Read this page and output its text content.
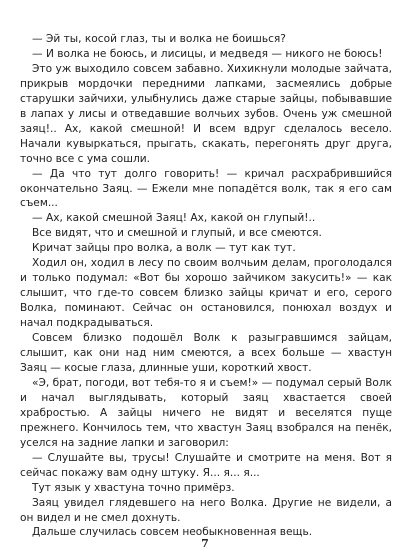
— Эй ты, косой глаз, ты и волка не боишься?

— И волка не боюсь, и лисицы, и медведя — никого не боюсь!

Это уж выходило совсем забавно. Хихикнули молодые зайчата, прикрыв мордочки передними лапками, засмеялись добрые старушки зайчихи, улыбнулись даже старые зайцы, побывавшие в лапах у лисы и отведавшие волчьих зубов. Очень уж смешной заяц!.. Ах, какой смешной! И всем вдруг сделалось весело. Начали кувыркаться, прыгать, скакать, перегонять друг друга, точно все с ума сошли.

— Да что тут долго говорить! — кричал расхрабрившийся окончательно Заяц. — Ежели мне попадётся волк, так я его сам съем...

— Ах, какой смешной Заяц! Ах, какой он глупый!..

Все видят, что и смешной и глупый, и все смеются.

Кричат зайцы про волка, а волк — тут как тут.

Ходил он, ходил в лесу по своим волчьим делам, проголодался и только подумал: «Вот бы хорошо зайчиком закусить!» — как слышит, что где-то совсем близко зайцы кричат и его, серого Волка, поминают. Сейчас он остановился, понюхал воздух и начал подкрадываться.

Совсем близко подошёл Волк к разыгравшимся зайцам, слышит, как они над ним смеются, а всех больше — хвастун Заяц — косые глаза, длинные уши, короткий хвост.

«Э, брат, погоди, вот тебя-то я и съем!» — подумал серый Волк и начал выглядывать, который заяц хвастается своей храбростью. А зайцы ничего не видят и веселятся пуще прежнего. Кончилось тем, что хвастун Заяц взобрался на пенёк, уселся на задние лапки и заговорил:

— Слушайте вы, трусы! Слушайте и смотрите на меня. Вот я сейчас покажу вам одну штуку. Я... я... я...

Тут язык у хвастуна точно примёрз.

Заяц увидел глядевшего на него Волка. Другие не видели, а он видел и не смел дохнуть.

Дальше случилась совсем необыкновенная вещь.

7
